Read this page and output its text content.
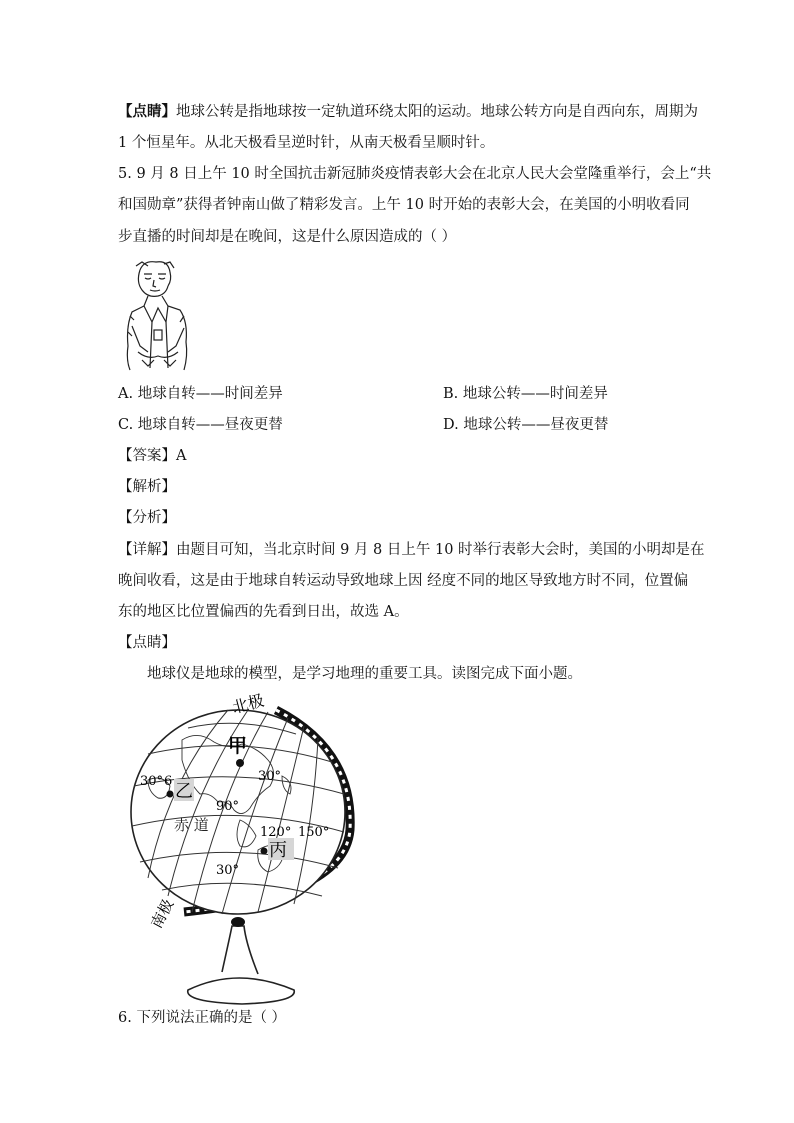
【点睛】地球公转是指地球按一定轨道环绕太阳的运动。地球公转方向是自西向东，周期为
1 个恒星年。从北天极看呈逆时针，从南天极看呈顺时针。
5. 9 月 8 日上午 10 时全国抗击新冠肺炎疫情表彰大会在北京人民大会堂隆重举行，会上“共
和国勋章”获得者钟南山做了精彩发言。上午 10 时开始的表彰大会，在美国的小明收看同
步直播的时间却是在晚间，这是什么原因造成的（ ）
A. 地球自转——时间差异	B. 地球公转——时间差异
C. 地球自转——昼夜更替	D. 地球公转——昼夜更替
【答案】A
【解析】
【分析】
【详解】由题目可知，当北京时间 9 月 8 日上午 10 时举行表彰大会时，美国的小明却是在
晚间收看，这是由于地球自转运动导致地球上因 经度不同的地区导致地方时不同，位置偏
东的地区比位置偏西的先看到日出，故选 A。
【点睛】
地球仪是地球的模型，是学习地理的重要工具。读图完成下面小题。
北极
南极
甲
乙
丙
赤 道
30°
30° 6
90°
120° 150°
30°
6. 下列说法正确的是（ ）
